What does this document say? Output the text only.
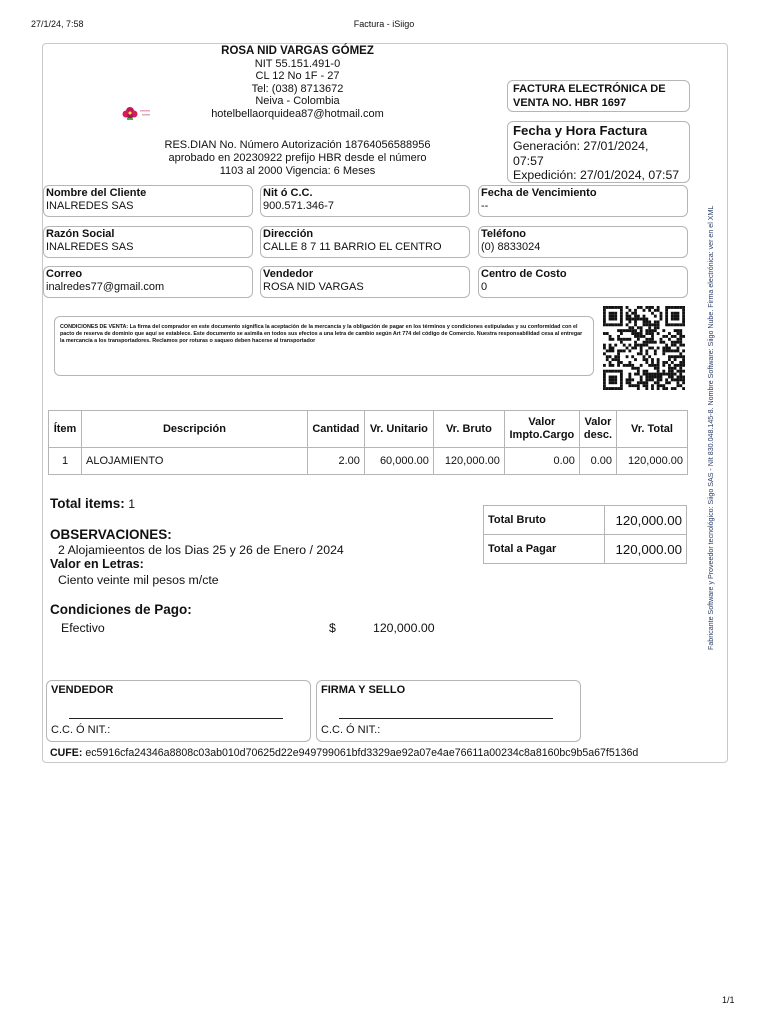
27/1/24, 7:58	Factura - iSiigo
1/1
ROSA NID VARGAS GÓMEZ
NIT 55.151.491-0
CL 12 No 1F - 27
Tel: (038) 8713672
Neiva - Colombia
hotelbellaorquidea87@hotmail.com
RES.DIAN No. Número Autorización 18764056588956
aprobado en 20230922 prefijo HBR desde el número
1103 al 2000 Vigencia: 6 Meses
FACTURA ELECTRÓNICA DE
VENTA NO. HBR 1697
Fecha y Hora Factura
Generación: 27/01/2024,
07:57
Expedición: 27/01/2024, 07:57
Nombre del Cliente
INALREDES SAS
Nit ó C.C.
900.571.346-7
Fecha de Vencimiento
--
Razón Social
INALREDES SAS
Dirección
CALLE 8 7 11 BARRIO EL CENTRO
Teléfono
(0) 8833024
Correo
inalredes77@gmail.com
Vendedor
ROSA NID VARGAS
Centro de Costo
0
CONDICIONES DE VENTA: La firma del comprador en este documento significa la aceptación de la mercancía y la obligación de pagar en los términos y condiciones estipuladas y su conformidad con el pacto de reserva de dominio que aquí se establece. Este documento se asimila en todos sus efectos a una letra de cambio según Art 774 del código de Comercio. Nuestra responsabilidad cesa al entregar la mercancía a los transportadores. Reclamos por roturas o saqueo deben hacerse al transportador
Ítem	Descripción	Cantidad	Vr. Unitario	Vr. Bruto	Valor Impto.Cargo	Valor desc.	Vr. Total
1	ALOJAMIENTO	2.00	60,000.00	120,000.00	0.00	0.00	120,000.00
Total items: 1
OBSERVACIONES:
2 Alojamieentos de los Dias 25 y 26 de Enero / 2024
Valor en Letras:
Ciento veinte mil pesos m/cte
Condiciones de Pago:
Efectivo	$	120,000.00
Total Bruto	120,000.00
Total a Pagar	120,000.00
VENDEDOR
C.C. Ó NIT.:
FIRMA Y SELLO
C.C. Ó NIT.:
CUFE: ec5916cfa24346a8808c03ab010d70625d22e949799061bfd3329ae92a07e4ae76611a00234c8a8160bc9b5a67f5136d
Fabricante Software y Proveedor tecnológico: Siigo SAS - NIt 830.048.145-8. Nombre Software: Siigo Nube. Firma electrónica: ver en el XML
